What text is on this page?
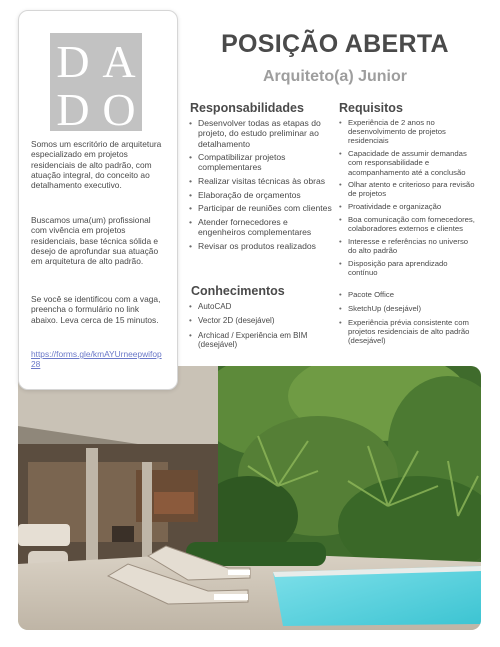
D A
D O

Somos um escritório de arquitetura especializado em projetos residenciais de alto padrão, com atuação integral, do conceito ao detalhamento executivo.

Buscamos uma(um) profissional com vivência em projetos residenciais, base técnica sólida e desejo de aprofundar sua atuação em arquitetura de alto padrão.

Se você se identificou com a vaga, preencha o formulário no link abaixo. Leva cerca de 15 minutos.

https://forms.gle/kmAYUrneepwifop28

POSIÇÃO ABERTA
Arquiteto(a) Junior
Responsabilidades
• Desenvolver todas as etapas do projeto, do estudo preliminar ao detalhamento
• Compatibilizar projetos complementares
• Realizar visitas técnicas às obras
• Elaboração de orçamentos
• Participar de reuniões com clientes
• Atender fornecedores e engenheiros complementares
• Revisar os produtos realizados
Requisitos
• Experiência de 2 anos no desenvolvimento de projetos residenciais
• Capacidade de assumir demandas com responsabilidade e acompanhamento até a conclusão
• Olhar atento e criterioso para revisão de projetos
• Proatividade e organização
• Boa comunicação com fornecedores, colaboradores externos e clientes
• Interesse e referências no universo do alto padrão
• Disposição para aprendizado contínuo
Conhecimentos
• AutoCAD
• Vector 2D (desejável)
• Archicad / Experiência em BIM (desejável)
• Pacote Office
• SketchUp (desejável)
• Experiência prévia consistente com projetos residenciais de alto padrão (desejável)
